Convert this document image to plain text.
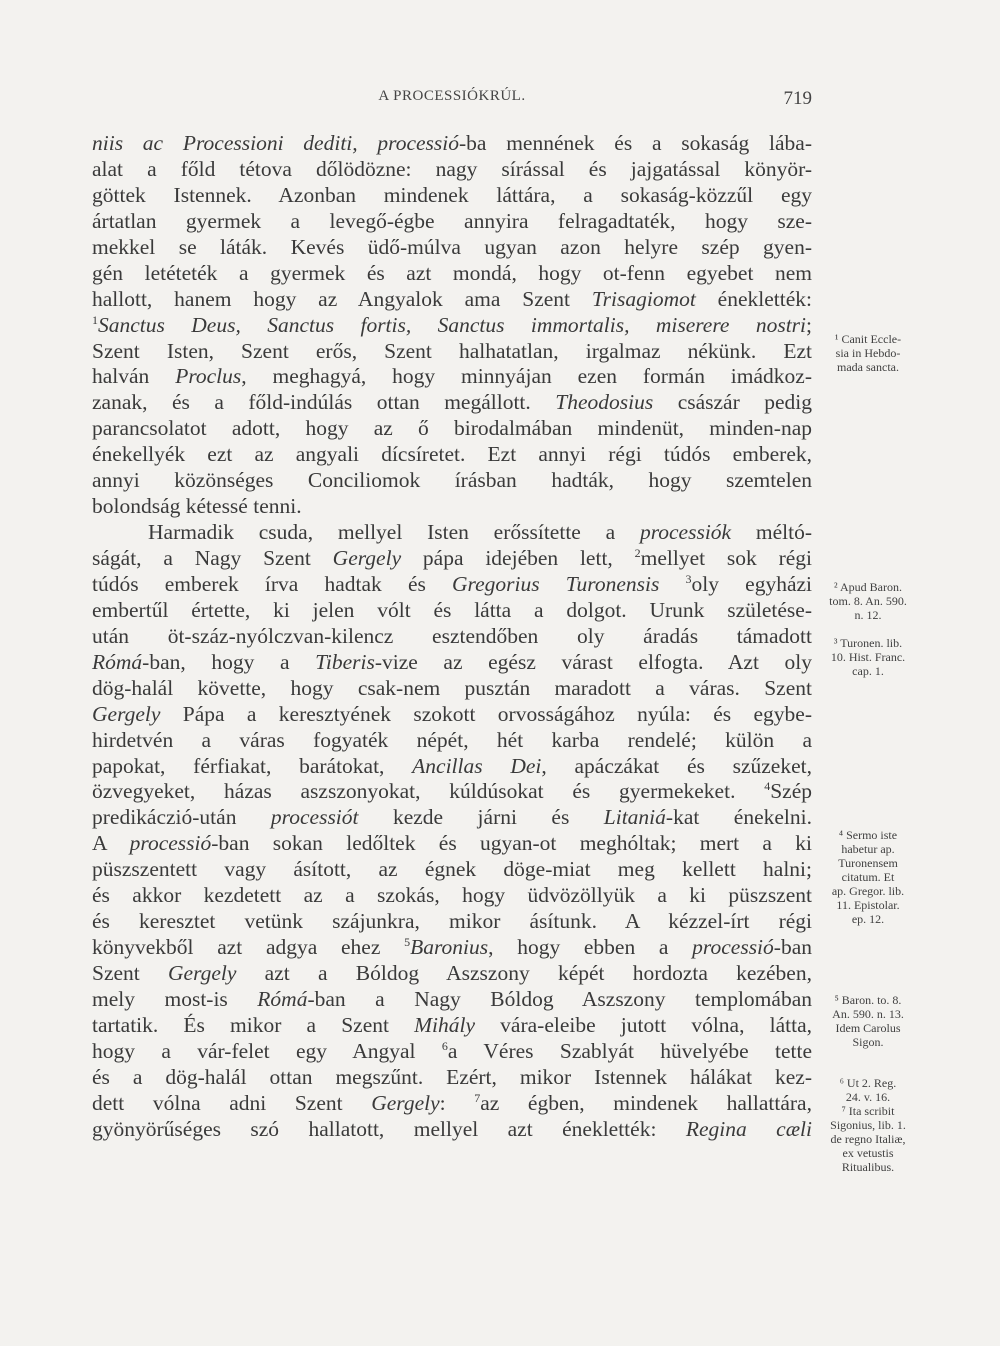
A PROCESSIÓKRÚL.	719
niis ac Processioni dediti, processió-ba mennének és a sokaság lába-
alat a főld tétova dőlödözne: nagy sírással és jajgatással könyör-
göttek Istennek. Azonban mindenek láttára, a sokaság-közzűl egy
ártatlan gyermek a levegő-égbe annyira felragadtaték, hogy sze-
mekkel se láták. Kevés üdő-múlva ugyan azon helyre szép gyen-
gén letéteték a gyermek és azt mondá, hogy ot-fenn egyebet nem
hallott, hanem hogy az Angyalok ama Szent Trisagiomot éneklették:
$^1$Sanctus Deus, Sanctus fortis, Sanctus immortalis, miserere nostri;
Szent Isten, Szent erős, Szent halhatatlan, irgalmaz nékünk. Ezt
halván Proclus, meghagyá, hogy minnyájan ezen formán imádkoz-
zanak, és a főld-indúlás ottan megállott. Theodosius császár pedig
parancsolatot adott, hogy az ő birodalmában mindenüt, minden-nap
énekellyék ezt az angyali dícsíretet. Ezt annyi régi túdós emberek,
annyi közönséges Conciliomok írásban hadták, hogy szemtelen
bolondság kétessé tenni.
Harmadik csuda, mellyel Isten erőssítette a processiók méltó-
ságát, a Nagy Szent Gergely pápa idejében lett, $^2$mellyet sok régi
túdós emberek írva hadtak és Gregorius Turonensis $^3$oly egyházi
embertűl értette, ki jelen vólt és látta a dolgot. Urunk születése-
után öt-száz-nyólczvan-kilencz esztendőben oly áradás támadott
Rómá-ban, hogy a Tiberis-vize az egész várast elfogta. Azt oly
dög-halál követte, hogy csak-nem pusztán maradott a váras. Szent
Gergely Pápa a keresztyének szokott orvosságához nyúla: és egybe-
hirdetvén a váras fogyaték népét, hét karba rendelé; külön a
papokat, férfiakat, barátokat, Ancillas Dei, apáczákat és szűzeket,
özvegyeket, házas aszszonyokat, kúldúsokat és gyermekeket. $^4$Szép
predikáczió-után processiót kezde járni és Litaniá-kat énekelni.
A processió-ban sokan ledőltek és ugyan-ot meghóltak; mert a ki
püszszentett vagy ásított, az égnek döge-miat meg kellett halni;
és akkor kezdetett az a szokás, hogy üdvözöllyük a ki püszszent
és keresztet vetünk szájunkra, mikor ásítunk. A kézzel-írt régi
könyvekből azt adgya ehez $^5$Baronius, hogy ebben a processió-ban
Szent Gergely azt a Bóldog Aszszony képét hordozta kezében,
mely most-is Rómá-ban a Nagy Bóldog Aszszony templomában
tartatik. És mikor a Szent Mihály vára-eleibe jutott vólna, látta,
hogy a vár-felet egy Angyal $^6$a Véres Szablyát hüvelyébe tette
és a dög-halál ottan megszűnt. Ezért, mikor Istennek hálákat kez-
dett vólna adni Szent Gergely: $^7$az égben, mindenek hallattára,
gyönyörűséges szó hallatott, mellyel azt éneklették: Regina cæli
¹ Canit Eccle-
sia in Hebdo-
mada sancta.
² Apud Baron.
tom. 8. An. 590.
n. 12.
³ Turonen. lib.
10. Hist. Franc.
cap. 1.
⁴ Sermo iste
habetur ap.
Turonensem
citatum. Et
ap. Gregor. lib.
11. Epistolar.
ep. 12.
⁵ Baron. to. 8.
An. 590. n. 13.
Idem Carolus
Sigon.
⁶ Ut 2. Reg.
24. v. 16.
⁷ Ita scribit
Sigonius, lib. 1.
de regno Italiæ,
ex vetustis
Ritualibus.
